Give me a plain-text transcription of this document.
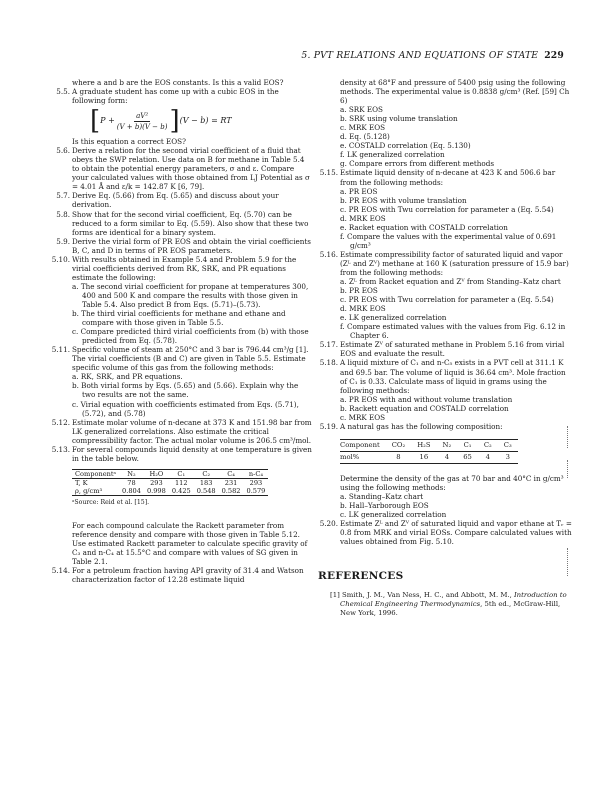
5. PVT RELATIONS AND EQUATIONS OF STATE 229

where a and b are the EOS constants. Is this a valid EOS?

5.5. A graduate student has come up with a cubic EOS in the following form:
[ $P + \frac{\text{aV²}}{(V + b)(V - b)}$ ] (V − b) = RT

Is this equation a correct EOS?

5.6. Derive a relation for the second virial coefficient of a fluid that obeys the SWP relation. Use data on B for methane in Table 5.4 to obtain the potential energy parameters, σ and ε. Compare your calculated values with those obtained from LJ Potential as σ = 4.01 Å and ε/k = 142.87 K [6, 79].
5.7. Derive Eq. (5.66) from Eq. (5.65) and discuss about your derivation.
5.8. Show that for the second virial coefficient, Eq. (5.70) can be reduced to a form similar to Eq. (5.59). Also show that these two forms are identical for a binary system.
5.9. Derive the virial form of PR EOS and obtain the virial coefficients B, C, and D in terms of PR EOS parameters.
5.10. With results obtained in Example 5.4 and Problem 5.9 for the virial coefficients derived from RK, SRK, and PR equations estimate the following:

a. The second virial coefficient for propane at temperatures 300, 400 and 500 K and compare the results with those given in Table 5.4. Also predict B from Eqs. (5.71)–(5.73).

b. The third virial coefficients for methane and ethane and compare with those given in Table 5.5.

c. Compare predicted third virial coefficients from (b) with those predicted from Eq. (5.78).

5.11. Specific volume of steam at 250°C and 3 bar is 796.44 cm³/g [1]. The virial coefficients (B and C) are given in Table 5.5. Estimate specific volume of this gas from the following methods:

a. RK, SRK, and PR equations.

b. Both virial forms by Eqs. (5.65) and (5.66). Explain why the two results are not the same.

c. Virial equation with coefficients estimated from Eqs. (5.71), (5.72), and (5.78)

5.12. Estimate molar volume of n-decane at 373 K and 151.98 bar from LK generalized correlations. Also estimate the critical compressibility factor. The actual molar volume is 206.5 cm³/mol.
5.13. For several compounds liquid density at one temperature is given in the table below.
Componentᵃ	N₂	H₂O	C₁	C₂	C₄	n-C₄
T, K	78	293	112	183	231	293
ρ, g/cm³	0.804	0.998	0.425	0.548	0.582	0.579
ᵃSource: Reid et al. [15].

For each compound calculate the Rackett parameter from reference density and compare with those given in Table 5.12. Use estimated Rackett parameter to calculate specific gravity of C₃ and n-C₄ at 15.5°C and compare with values of SG given in Table 2.1.

5.14. For a petroleum fraction having API gravity of 31.4 and Watson characterization factor of 12.28 estimate liquid

density at 68°F and pressure of 5400 psig using the following methods. The experimental value is 0.8838 g/cm³ (Ref. [59] Ch 6)

a. SRK EOS

b. SRK using volume translation

c. MRK EOS

d. Eq. (5.128)

e. COSTALD correlation (Eq. 5.130)

f. LK generalized correlation

g. Compare errors from different methods

5.15. Estimate liquid density of n-decane at 423 K and 506.6 bar from the following methods:

a. PR EOS

b. PR EOS with volume translation

c. PR EOS with Twu correlation for parameter a (Eq. 5.54)

d. MRK EOS

e. Racket equation with COSTALD correlation

f. Compare the values with the experimental value of 0.691 g/cm³

5.16. Estimate compressibility factor of saturated liquid and vapor (Zᴸ and Zⱽ) methane at 160 K (saturation pressure of 15.9 bar) from the following methods:

a. Zᴸ from Racket equation and Zⱽ from Standing–Katz chart

b. PR EOS

c. PR EOS with Twu correlation for parameter a (Eq. 5.54)

d. MRK EOS

e. LK generalized correlation

f. Compare estimated values with the values from Fig. 6.12 in Chapter 6.

5.17. Estimate Zⱽ of saturated methane in Problem 5.16 from virial EOS and evaluate the result.
5.18. A liquid mixture of C₁ and n-C₅ exists in a PVT cell at 311.1 K and 69.5 bar. The volume of liquid is 36.64 cm³. Mole fraction of C₁ is 0.33. Calculate mass of liquid in grams using the following methods:

a. PR EOS with and without volume translation

b. Rackett equation and COSTALD correlation

c. MRK EOS

5.19. A natural gas has the following composition:
Component	CO₂	H₂S	N₂	C₁	C₂	C₃
mol%	8	16	4	65	4	3

Determine the density of the gas at 70 bar and 40°C in g/cm³ using the following methods:

a. Standing–Katz chart

b. Hall–Yarborough EOS

c. LK generalized correlation

5.20. Estimate Zᴸ and Zⱽ of saturated liquid and vapor ethane at Tᵣ = 0.8 from MRK and virial EOSs. Compare calculated values with values obtained from Fig. 5.10.
REFERENCES

[1] Smith, J. M., Van Ness, H. C., and Abbott, M. M., Introduction to Chemical Engineering Thermodynamics, 5th ed., McGraw-Hill, New York, 1996.
